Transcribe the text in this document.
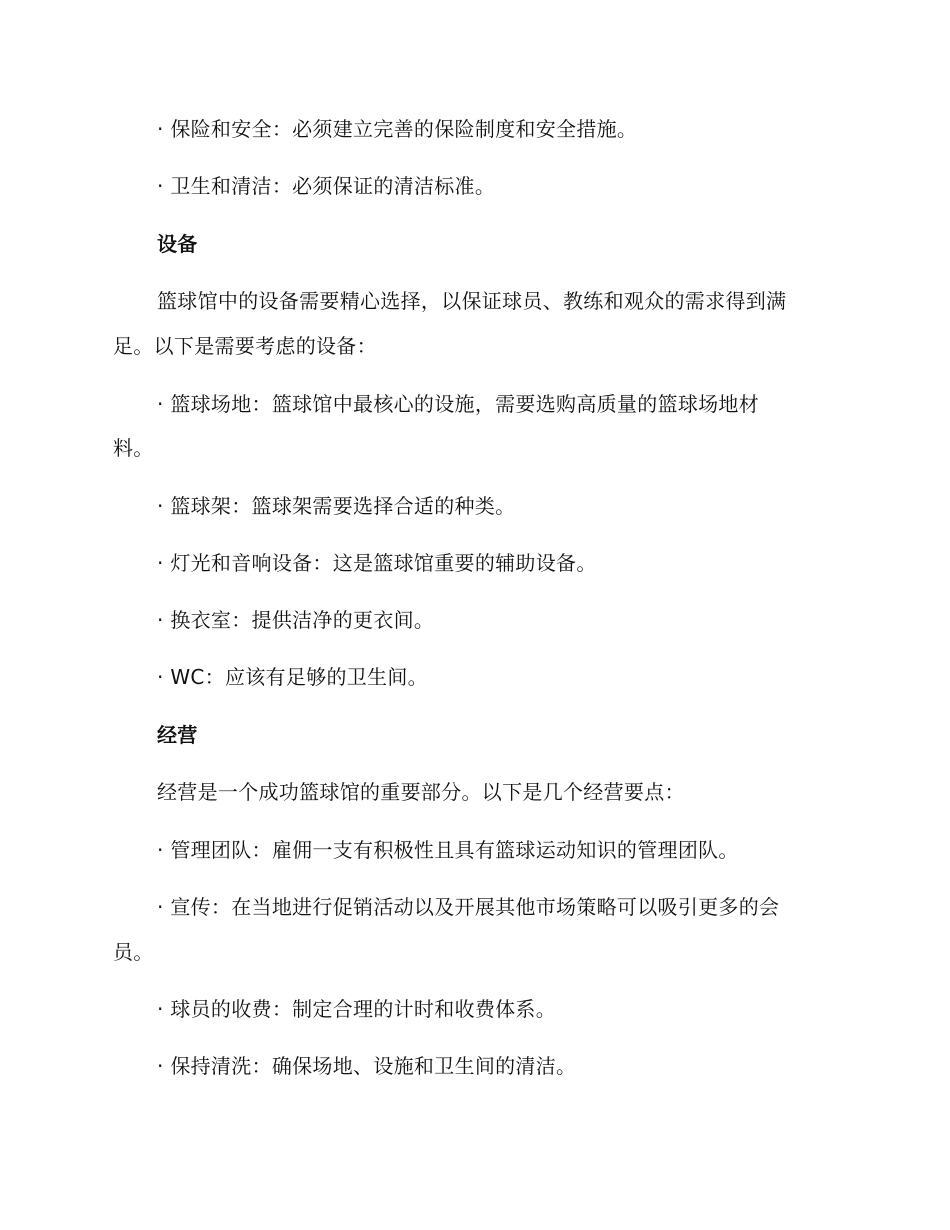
· 保险和安全：必须建立完善的保险制度和安全措施。
· 卫生和清洁：必须保证的清洁标准。
设备
篮球馆中的设备需要精心选择，以保证球员、教练和观众的需求得到满
足。以下是需要考虑的设备：
· 篮球场地：篮球馆中最核心的设施，需要选购高质量的篮球场地材
料。
· 篮球架：篮球架需要选择合适的种类。
· 灯光和音响设备：这是篮球馆重要的辅助设备。
· 换衣室：提供洁净的更衣间。
· WC：应该有足够的卫生间。
经营
经营是一个成功篮球馆的重要部分。以下是几个经营要点：
· 管理团队：雇佣一支有积极性且具有篮球运动知识的管理团队。
· 宣传：在当地进行促销活动以及开展其他市场策略可以吸引更多的会
员。
· 球员的收费：制定合理的计时和收费体系。
· 保持清洗：确保场地、设施和卫生间的清洁。
